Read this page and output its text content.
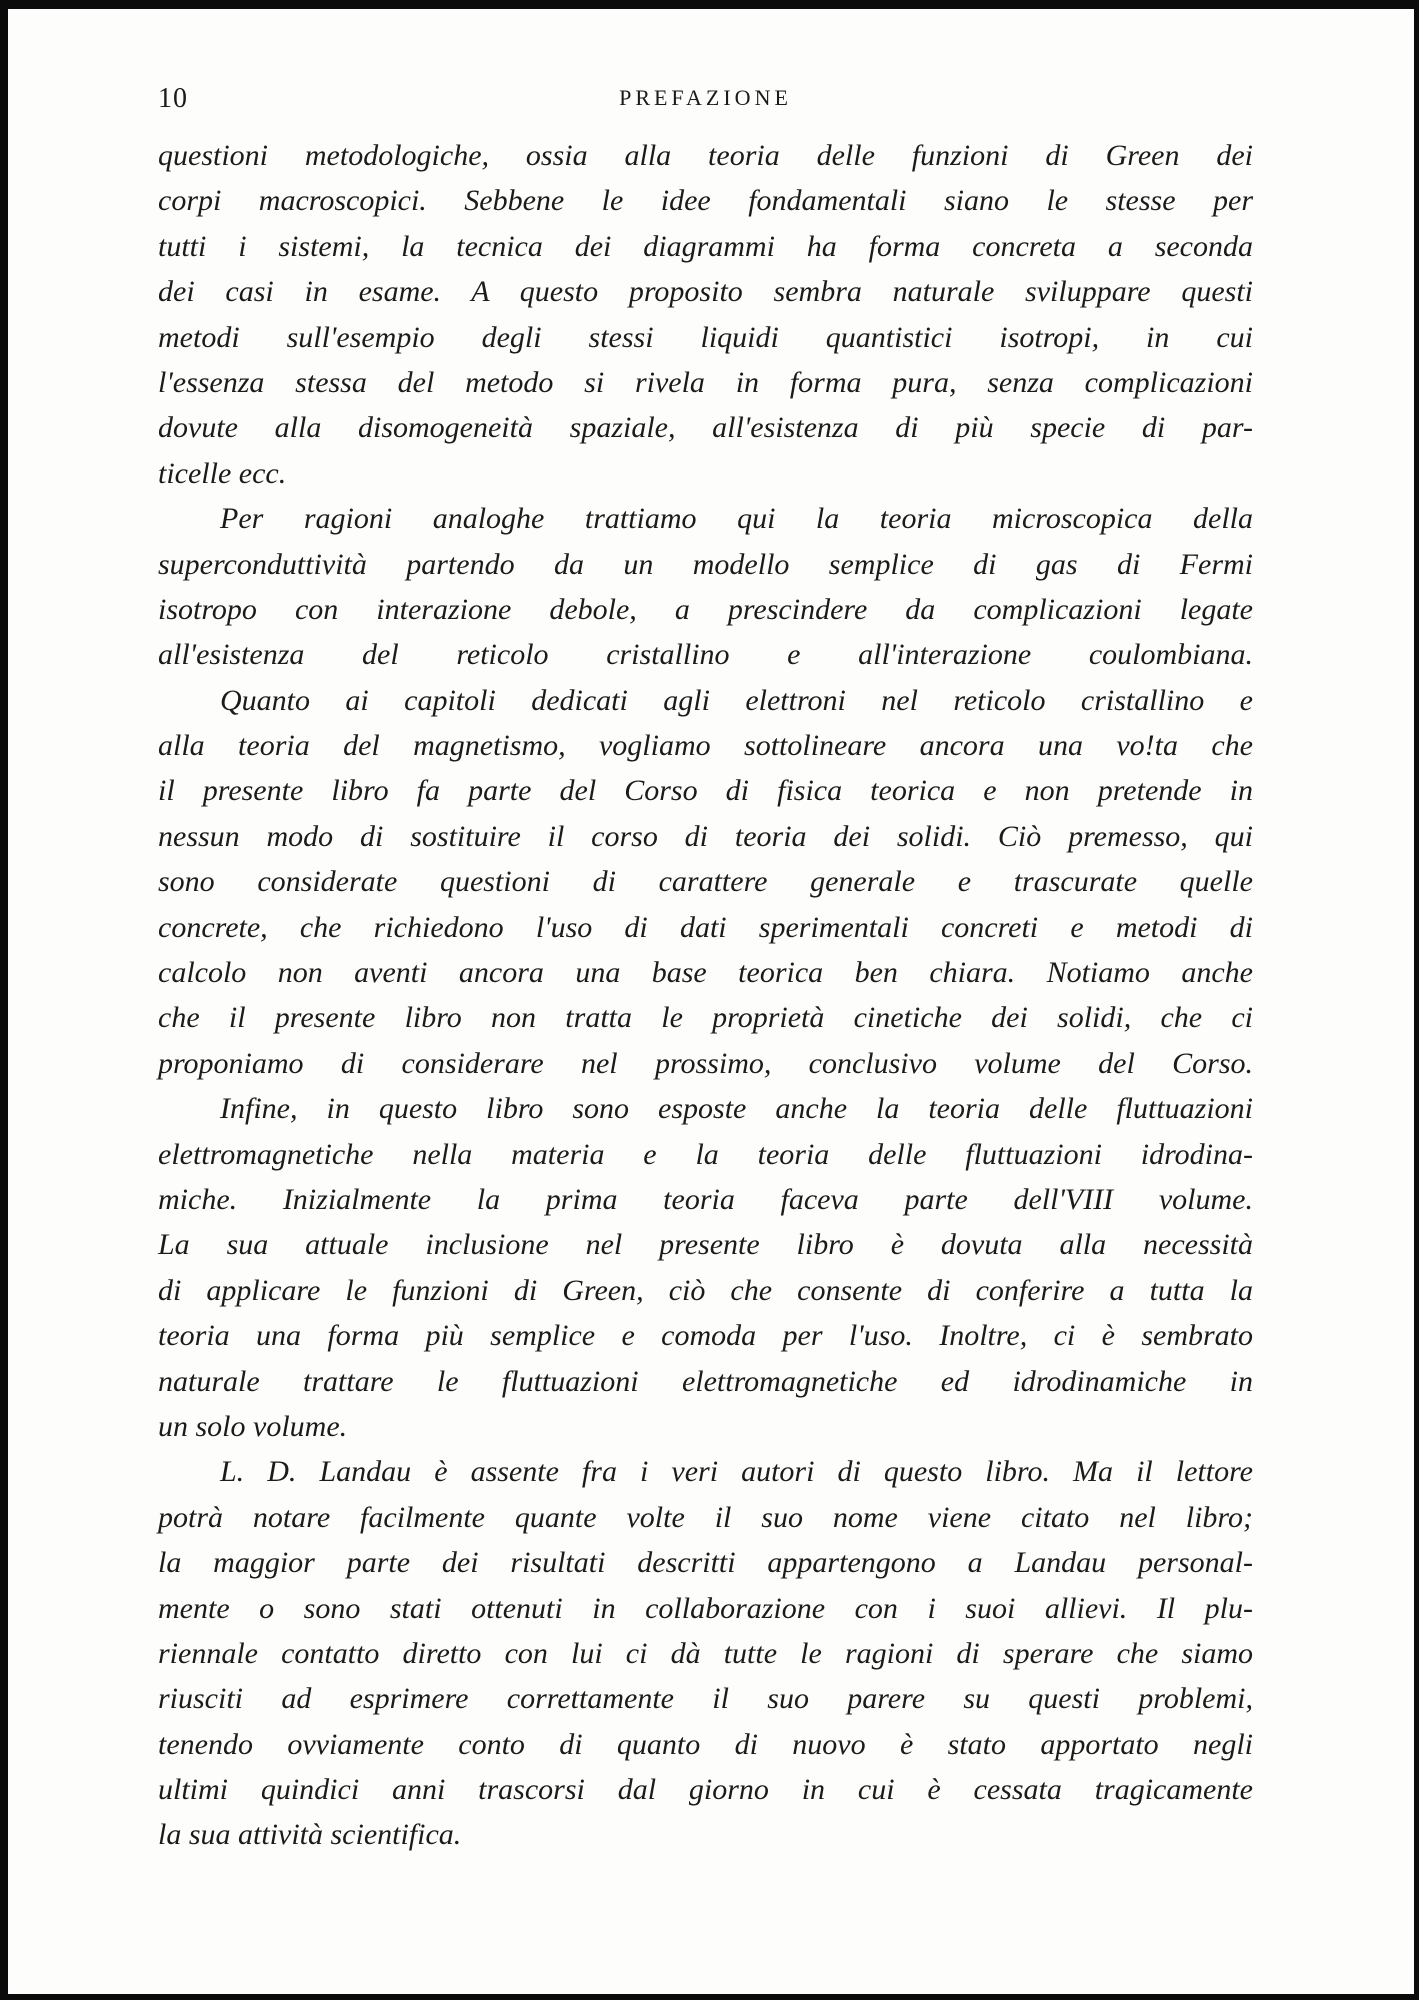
10	PREFAZIONE
questioni metodologiche, ossia alla teoria delle funzioni di Green dei
corpi macroscopici. Sebbene le idee fondamentali siano le stesse per
tutti i sistemi, la tecnica dei diagrammi ha forma concreta a seconda
dei casi in esame. A questo proposito sembra naturale sviluppare questi
metodi sull'esempio degli stessi liquidi quantistici isotropi, in cui
l'essenza stessa del metodo si rivela in forma pura, senza complicazioni
dovute alla disomogeneità spaziale, all'esistenza di più specie di par-
ticelle ecc.
Per ragioni analoghe trattiamo qui la teoria microscopica della
superconduttività partendo da un modello semplice di gas di Fermi
isotropo con interazione debole, a prescindere da complicazioni legate
all'esistenza del reticolo cristallino e all'interazione coulombiana.
Quanto ai capitoli dedicati agli elettroni nel reticolo cristallino e
alla teoria del magnetismo, vogliamo sottolineare ancora una vo!ta che
il presente libro fa parte del Corso di fisica teorica e non pretende in
nessun modo di sostituire il corso di teoria dei solidi. Ciò premesso, qui
sono considerate questioni di carattere generale e trascurate quelle
concrete, che richiedono l'uso di dati sperimentali concreti e metodi di
calcolo non aventi ancora una base teorica ben chiara. Notiamo anche
che il presente libro non tratta le proprietà cinetiche dei solidi, che ci
proponiamo di considerare nel prossimo, conclusivo volume del Corso.
Infine, in questo libro sono esposte anche la teoria delle fluttuazioni
elettromagnetiche nella materia e la teoria delle fluttuazioni idrodina-
miche. Inizialmente la prima teoria faceva parte dell'VIII volume.
La sua attuale inclusione nel presente libro è dovuta alla necessità
di applicare le funzioni di Green, ciò che consente di conferire a tutta la
teoria una forma più semplice e comoda per l'uso. Inoltre, ci è sembrato
naturale trattare le fluttuazioni elettromagnetiche ed idrodinamiche in
un solo volume.
L. D. Landau è assente fra i veri autori di questo libro. Ma il lettore
potrà notare facilmente quante volte il suo nome viene citato nel libro;
la maggior parte dei risultati descritti appartengono a Landau personal-
mente o sono stati ottenuti in collaborazione con i suoi allievi. Il plu-
riennale contatto diretto con lui ci dà tutte le ragioni di sperare che siamo
riusciti ad esprimere correttamente il suo parere su questi problemi,
tenendo ovviamente conto di quanto di nuovo è stato apportato negli
ultimi quindici anni trascorsi dal giorno in cui è cessata tragicamente
la sua attività scientifica.
